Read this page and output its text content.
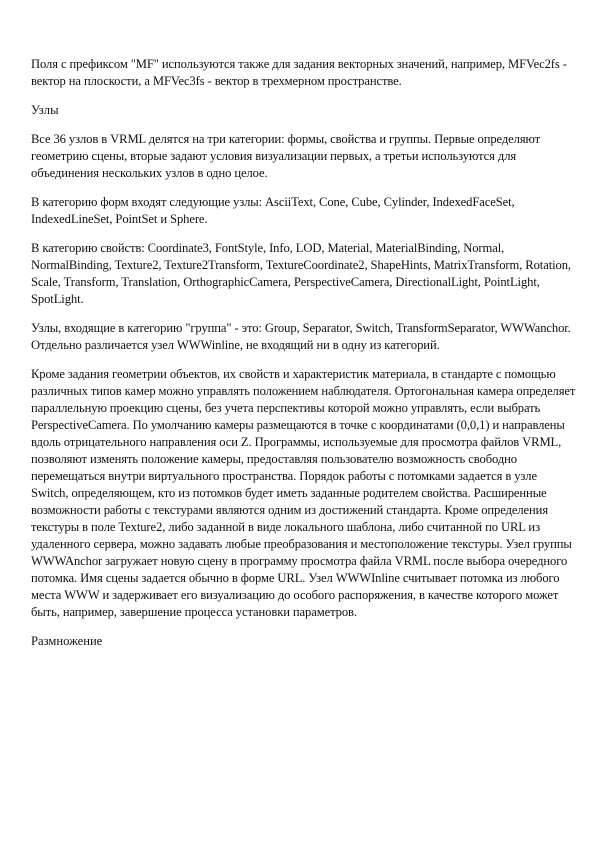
Поля с префиксом "MF" используются также для задания векторных значений, например, MFVec2fs - вектор на плоскости, а MFVec3fs - вектор в трехмерном пространстве.

Узлы

Все 36 узлов в VRML делятся на три категории: формы, свойства и группы. Первые определяют геометрию сцены, вторые задают условия визуализации первых, а третьи используются для объединения нескольких узлов в одно целое.

В категорию форм входят следующие узлы: AsciiText, Cone, Cube, Cylinder, IndexedFaceSet, IndexedLineSet, PointSet и Sphere.

В категорию свойств: Coordinate3, FontStyle, Info, LOD, Material, MaterialBinding, Normal, NormalBinding, Texture2, Texture2Transform, TextureCoordinate2, ShapeHints, MatrixTransform, Rotation, Scale, Transform, Translation, OrthographicCamera, PerspectiveCamera, DirectionalLight, PointLight, SpotLight.

Узлы, входящие в категорию "группа" - это: Group, Separator, Switch, TransformSeparator, WWWanchor. Отдельно различается узел WWWinline, не входящий ни в одну из категорий.

Кроме задания геометрии объектов, их свойств и характеристик материала, в стандарте с помощью различных типов камер можно управлять положением наблюдателя. Ортогональная камера определяет параллельную проекцию сцены, без учета перспективы которой можно управлять, если выбрать PerspectiveCamera. По умолчанию камеры размещаются в точке с координатами (0,0,1) и направлены вдоль отрицательного направления оси Z. Программы, используемые для просмотра файлов VRML, позволяют изменять положение камеры, предоставляя пользователю возможность свободно перемещаться внутри виртуального пространства. Порядок работы с потомками задается в узле Switch, определяющем, кто из потомков будет иметь заданные родителем свойства. Расширенные возможности работы с текстурами являются одним из достижений стандарта. Кроме определения текстуры в поле Texture2, либо заданной в виде локального шаблона, либо считанной по URL из удаленного сервера, можно задавать любые преобразования и местоположение текстуры. Узел группы WWWAnchor загружает новую сцену в программу просмотра файла VRML после выбора очередного потомка. Имя сцены задается обычно в форме URL. Узел WWWInline считывает потомка из любого места WWW и задерживает его визуализацию до особого распоряжения, в качестве которого может быть, например, завершение процесса установки параметров.

Размножение
